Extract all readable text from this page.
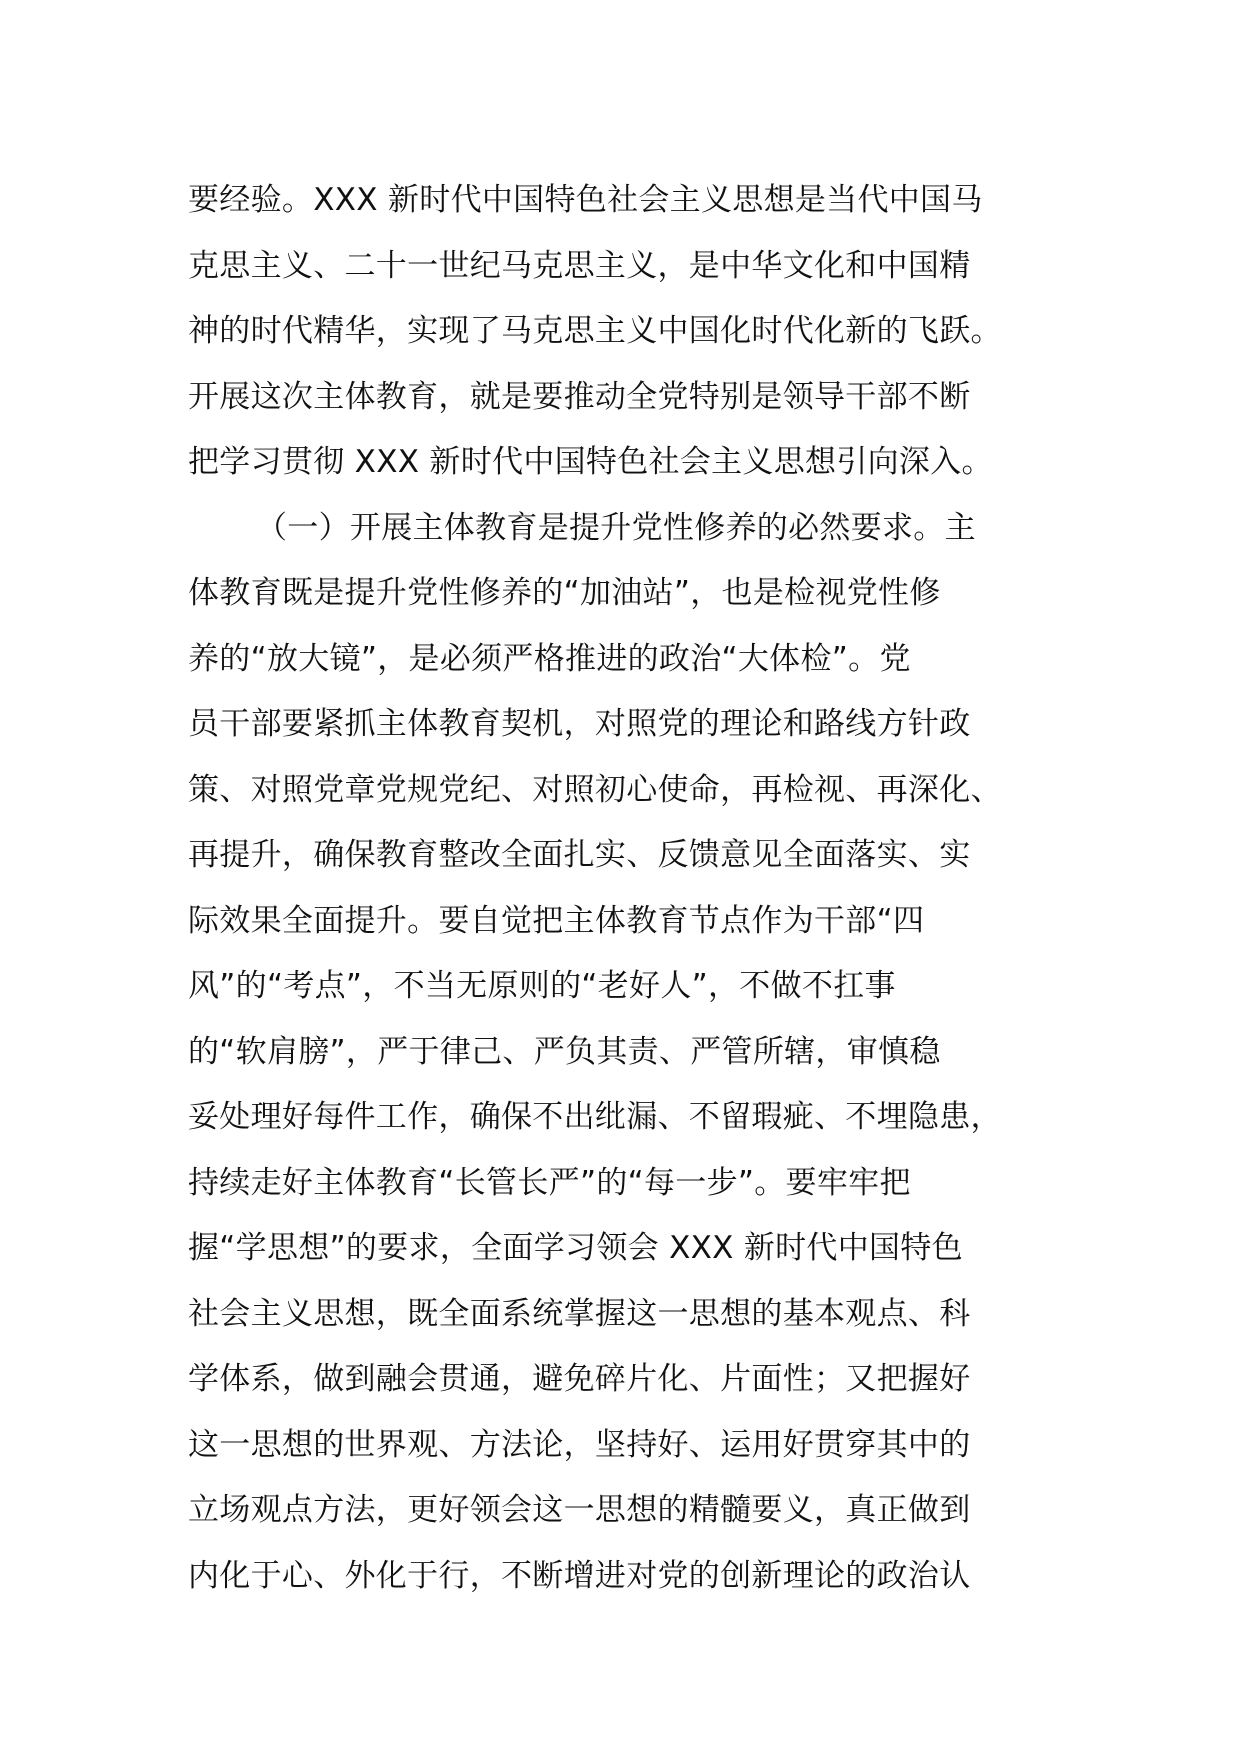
要经验。XXX 新时代中国特色社会主义思想是当代中国马
克思主义、二十一世纪马克思主义，是中华文化和中国精
神的时代精华，实现了马克思主义中国化时代化新的飞跃。
开展这次主体教育，就是要推动全党特别是领导干部不断
把学习贯彻 XXX 新时代中国特色社会主义思想引向深入。
（一）开展主体教育是提升党性修养的必然要求。主
体教育既是提升党性修养的“加油站”，也是检视党性修
养的“放大镜”，是必须严格推进的政治“大体检”。党
员干部要紧抓主体教育契机，对照党的理论和路线方针政
策、对照党章党规党纪、对照初心使命，再检视、再深化、
再提升，确保教育整改全面扎实、反馈意见全面落实、实
际效果全面提升。要自觉把主体教育节点作为干部“四
风”的“考点”，不当无原则的“老好人”，不做不扛事
的“软肩膀”，严于律己、严负其责、严管所辖，审慎稳
妥处理好每件工作，确保不出纰漏、不留瑕疵、不埋隐患，
持续走好主体教育“长管长严”的“每一步”。要牢牢把
握“学思想”的要求，全面学习领会 XXX 新时代中国特色
社会主义思想，既全面系统掌握这一思想的基本观点、科
学体系，做到融会贯通，避免碎片化、片面性；又把握好
这一思想的世界观、方法论，坚持好、运用好贯穿其中的
立场观点方法，更好领会这一思想的精髓要义，真正做到
内化于心、外化于行，不断增进对党的创新理论的政治认
